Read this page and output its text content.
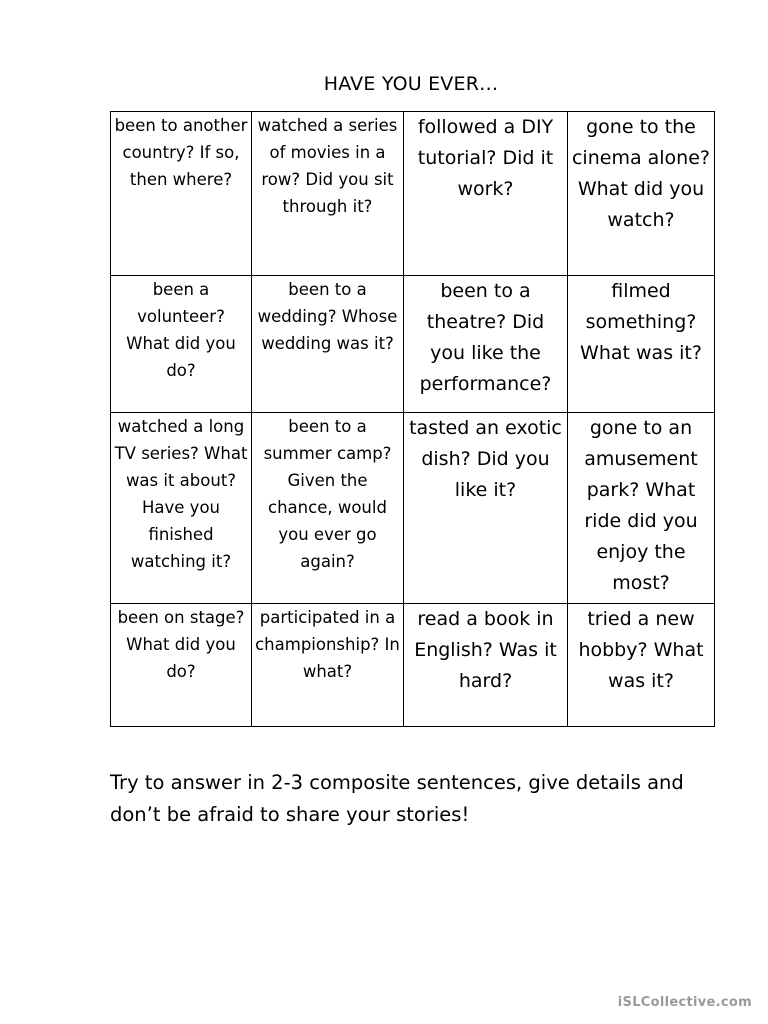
HAVE YOU EVER…
been to another country? If so, then where?	watched a series of movies in a row? Did you sit through it?	followed a DIY tutorial? Did it work?	gone to the cinema alone? What did you watch?
been a volunteer? What did you do?	been to a wedding? Whose wedding was it?	been to a theatre? Did you like the performance?	filmed something? What was it?
watched a long TV series? What was it about? Have you finished watching it?	been to a summer camp? Given the chance, would you ever go again?	tasted an exotic dish? Did you like it?	gone to an amusement park? What ride did you enjoy the most?
been on stage? What did you do?	participated in a championship? In what?	read a book in English? Was it hard?	tried a new hobby? What was it?
Try to answer in 2-3 composite sentences, give details and don’t be afraid to share your stories!
iSLCollective.com
